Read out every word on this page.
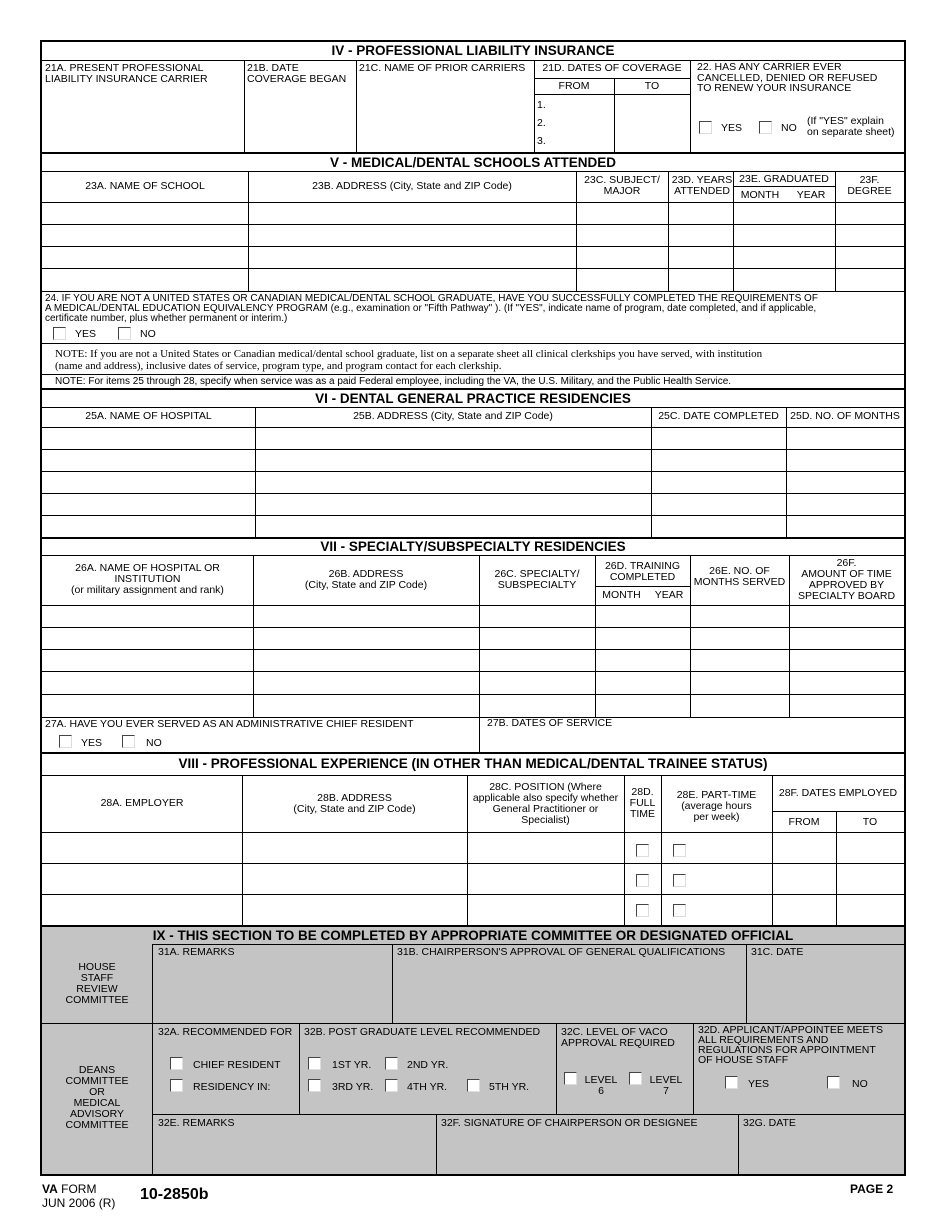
IV - PROFESSIONAL LIABILITY INSURANCE
21A. PRESENT PROFESSIONAL
LIABILITY INSURANCE CARRIER
21B. DATE
COVERAGE BEGAN
21C. NAME OF PRIOR CARRIERS	21D. DATES OF COVERAGE
FROM	TO
1.
2.
3.
22. HAS ANY CARRIER EVER
CANCELLED, DENIED OR REFUSED
TO RENEW YOUR INSURANCE
YES	NO
(If "YES" explain
on separate sheet)
V - MEDICAL/DENTAL SCHOOLS ATTENDED
23A. NAME OF SCHOOL	23B. ADDRESS (City, State and ZIP Code)	23C. SUBJECT/
MAJOR
23D. YEARS
ATTENDED
23E. GRADUATED
MONTH	YEAR
23F.
DEGREE
24. IF YOU ARE NOT A UNITED STATES OR CANADIAN MEDICAL/DENTAL SCHOOL GRADUATE, HAVE YOU SUCCESSFULLY COMPLETED THE REQUIREMENTS OF
A MEDICAL/DENTAL EDUCATION EQUIVALENCY PROGRAM (e.g., examination or "Fifth Pathway" ). (If "YES", indicate name of program, date completed, and if applicable,
certificate number, plus whether permanent or interim.)
YES	NO
NOTE: If you are not a United States or Canadian medical/dental school graduate, list on a separate sheet all clinical clerkships you have served, with institution
(name and address), inclusive dates of service, program type, and program contact for each clerkship.
NOTE: For items 25 through 28, specify when service was as a paid Federal employee, including the VA, the U.S. Military, and the Public Health Service.
VI - DENTAL GENERAL PRACTICE RESIDENCIES
25A. NAME OF HOSPITAL	25B. ADDRESS (City, State and ZIP Code)	25C. DATE COMPLETED	25D. NO. OF MONTHS
VII - SPECIALTY/SUBSPECIALTY RESIDENCIES
26A. NAME OF HOSPITAL OR
INSTITUTION
(or military assignment and rank)
26B. ADDRESS
(City, State and ZIP Code)
26C. SPECIALTY/
SUBSPECIALTY
26D. TRAINING
COMPLETED
MONTH	YEAR
26E. NO. OF
MONTHS SERVED
26F.
AMOUNT OF TIME
APPROVED BY
SPECIALTY BOARD
27A. HAVE YOU EVER SERVED AS AN ADMINISTRATIVE CHIEF RESIDENT
YES	NO
27B. DATES OF SERVICE
VIII - PROFESSIONAL EXPERIENCE (IN OTHER THAN MEDICAL/DENTAL TRAINEE STATUS)
28A. EMPLOYER	28B. ADDRESS
(City, State and ZIP Code)
28C. POSITION (Where
applicable also specify whether
General Practitioner or
Specialist)
28D.
FULL
TIME
28E. PART-TIME
(average hours
per week)
28F. DATES EMPLOYED
FROM	TO
IX - THIS SECTION TO BE COMPLETED BY APPROPRIATE COMMITTEE OR DESIGNATED OFFICIAL
HOUSE
STAFF
REVIEW
COMMITTEE
31A. REMARKS	31B. CHAIRPERSON'S APPROVAL OF GENERAL QUALIFICATIONS 31C. DATE
DEANS
COMMITTEE
OR
MEDICAL
ADVISORY
COMMITTEE
32A. RECOMMENDED FOR
CHIEF RESIDENT
RESIDENCY IN:
32B. POST GRADUATE LEVEL RECOMMENDED
1ST YR.	2ND YR.
3RD YR.	4TH YR.	5TH YR.
32C. LEVEL OF VACO
APPROVAL REQUIRED
LEVEL
6
LEVEL
7
32D. APPLICANT/APPOINTEE MEETS
ALL REQUIREMENTS AND
REGULATIONS FOR APPOINTMENT
OF HOUSE STAFF
YES	NO
32E. REMARKS	32F. SIGNATURE OF CHAIRPERSON OR DESIGNEE	32G. DATE
VA FORM
JUN 2006 (R) 10-2850b	PAGE 2
